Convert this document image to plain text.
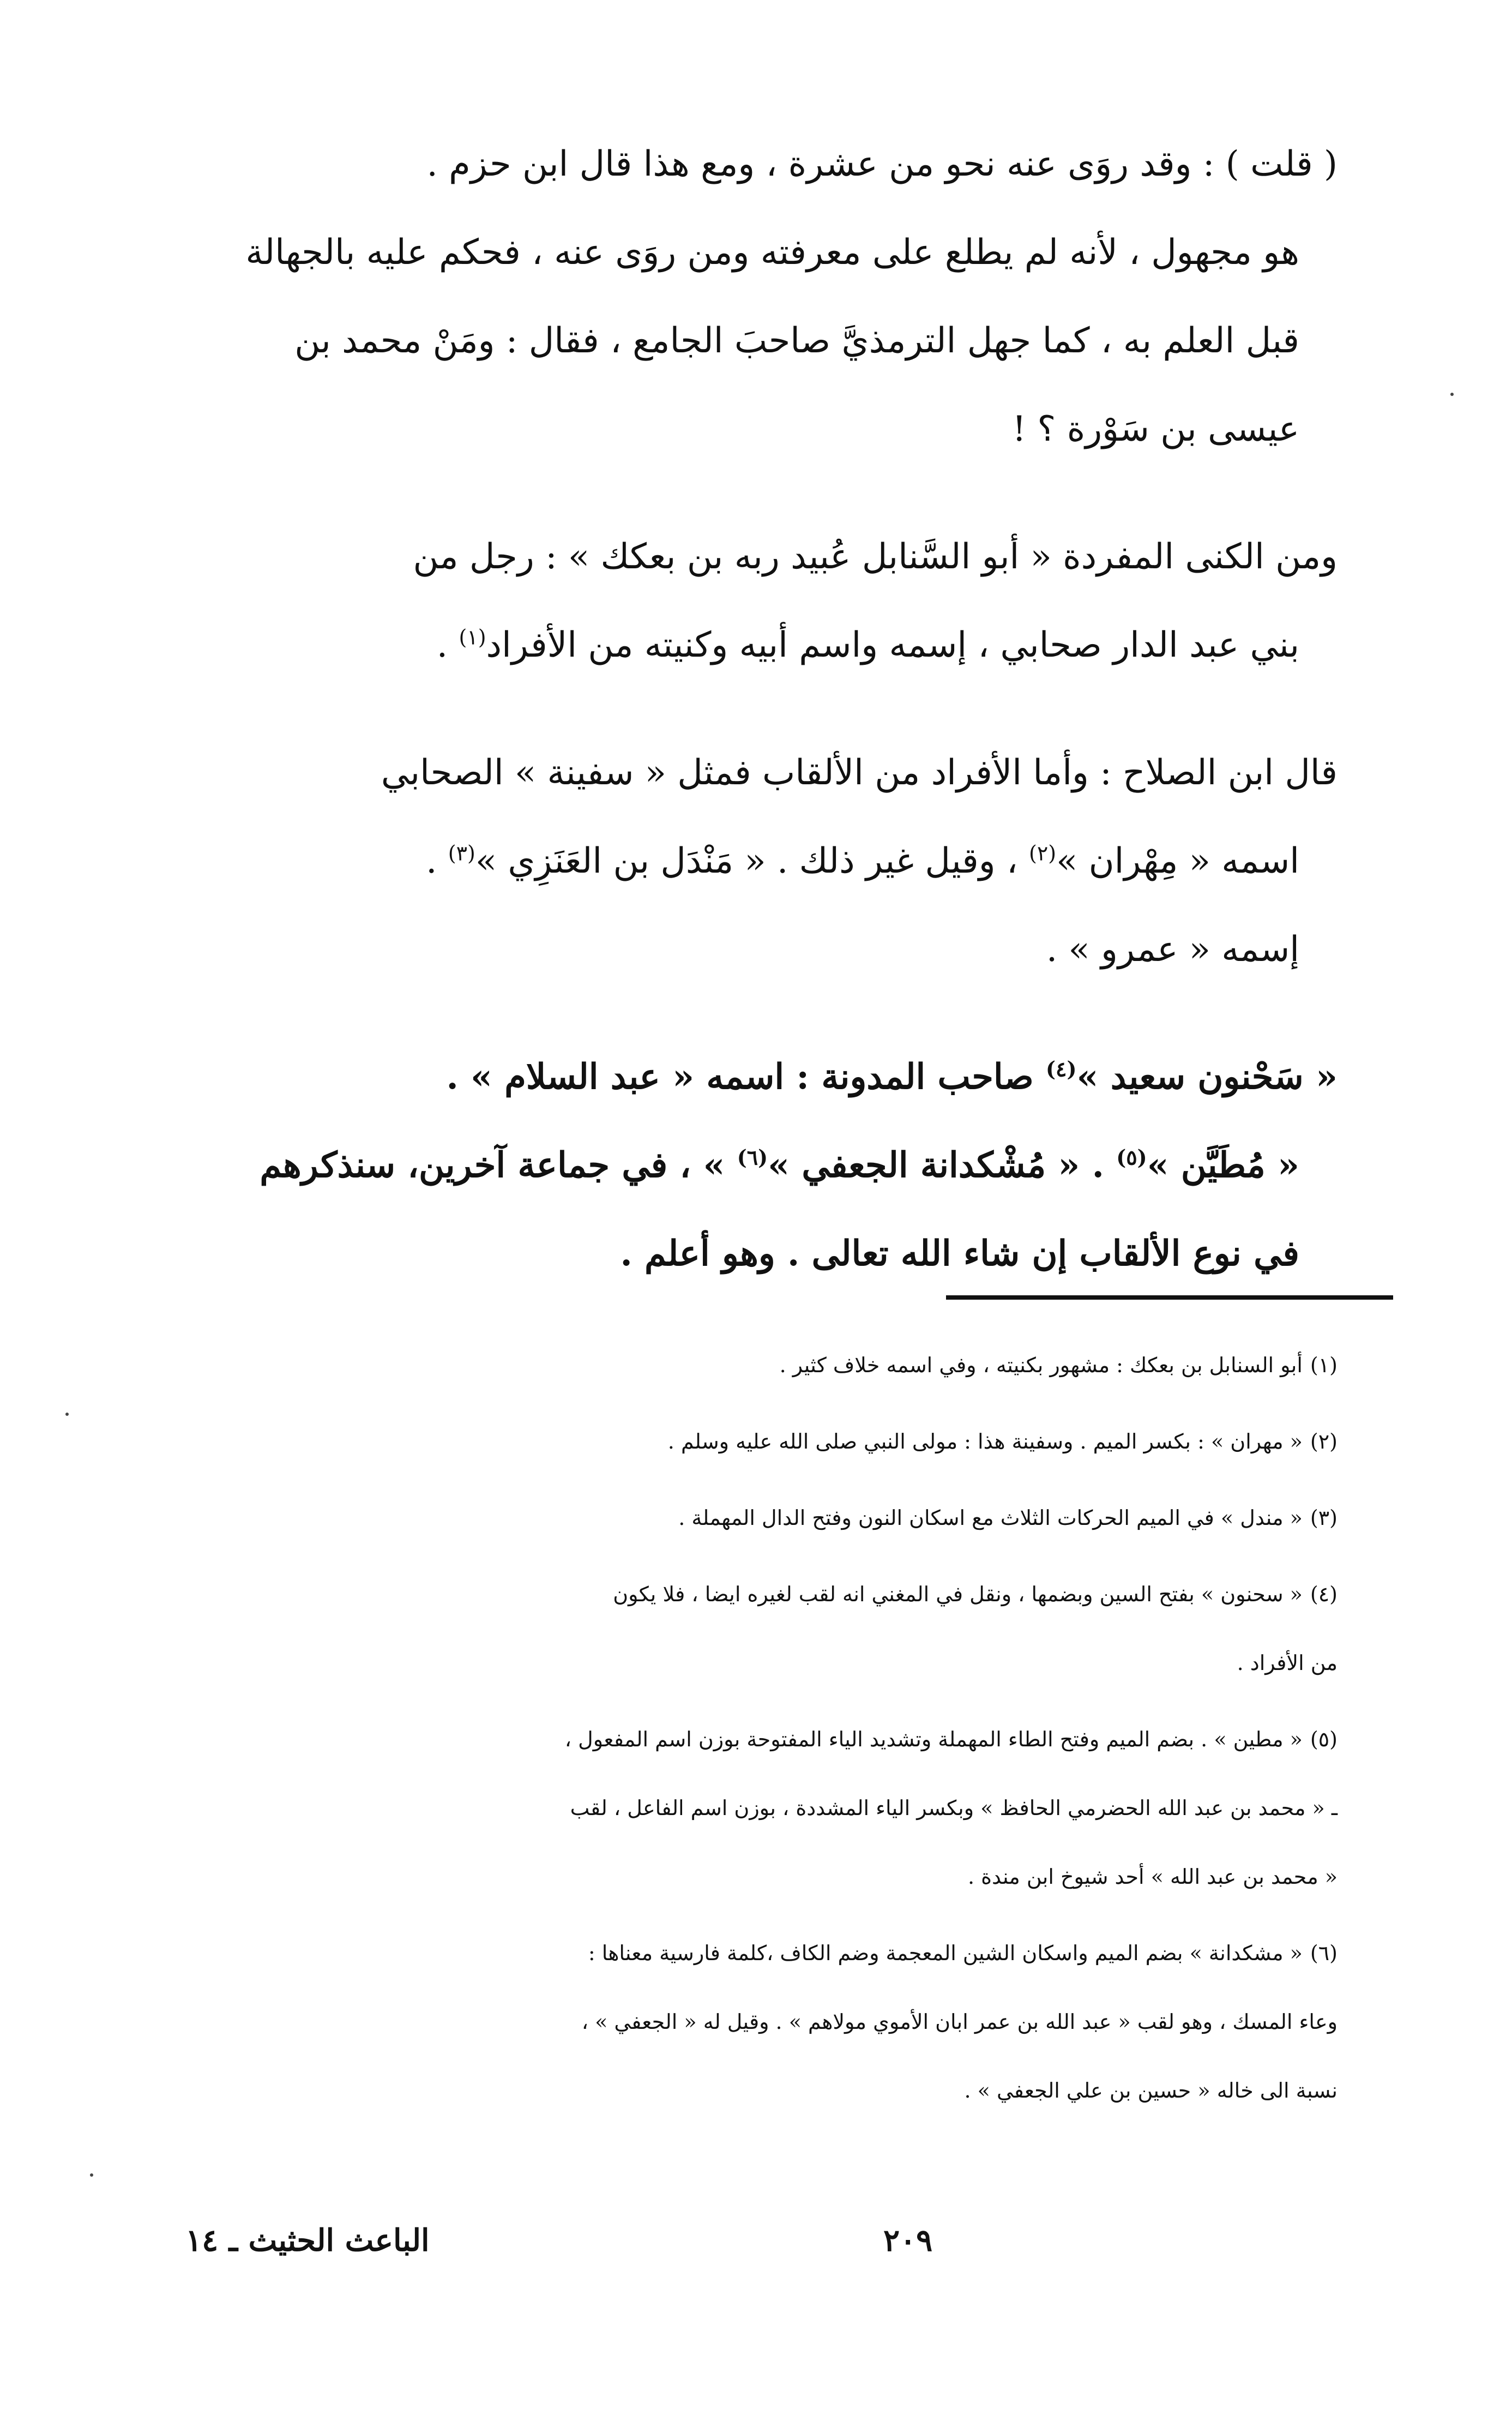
( قلت ) : وقد روَى عنه نحو من عشرة ، ومع هذا قال ابن حزم .
هو مجهول ، لأنه لم يطلع على معرفته ومن روَى عنه ، فحكم عليه بالجهالة
قبل العلم به ، كما جهل الترمذيَّ صاحبَ الجامع ، فقال : ومَنْ محمد بن
عيسى بن سَوْرة ؟ !

ومن الكنى المفردة « أبو السَّنابل عُبيد ربه بن بعكك » : رجل من
بني عبد الدار صحابي ، إسمه واسم أبيه وكنيته من الأفراد$^{(١)}$ .

قال ابن الصلاح : وأما الأفراد من الألقاب فمثل « سفينة » الصحابي
اسمه « مِهْران »$^{(٢)}$ ، وقيل غير ذلك . « مَنْدَل بن العَنَزِي »$^{(٣)}$ .
إسمه « عمرو » .

« سَحْنون سعيد »$^{(٤)}$ صاحب المدونة : اسمه « عبد السلام » .
« مُطَيَّن »$^{(٥)}$ . « مُشْكدانة الجعفي »$^{(٦)}$ » ، في جماعة آخرين، سنذكرهم
في نوع الألقاب إن شاء الله تعالى . وهو أعلم .

(١)أبو السنابل بن بعكك : مشهور بكنيته ، وفي اسمه خلاف كثير .
(٢)« مهران » : بكسر الميم . وسفينة هذا : مولى النبي صلى الله عليه وسلم .
(٣)« مندل » في الميم الحركات الثلاث مع اسكان النون وفتح الدال المهملة .
(٤)« سحنون » بفتح السين وبضمها ، ونقل في المغني انه لقب لغيره ايضا ، فلا يكون
من الأفراد .
(٥)« مطين » . بضم الميم وفتح الطاء المهملة وتشديد الياء المفتوحة بوزن اسم المفعول ،
ـ « محمد بن عبد الله الحضرمي الحافظ » وبكسر الياء المشددة ، بوزن اسم الفاعل ، لقب
« محمد بن عبد الله » أحد شيوخ ابن مندة .
(٦)« مشكدانة » بضم الميم واسكان الشين المعجمة وضم الكاف ،كلمة فارسية معناها :
وعاء المسك ، وهو لقب « عبد الله بن عمر ابان الأموي مولاهم » . وقيل له « الجعفي » ،
نسبة الى خاله « حسين بن علي الجعفي » .
٢٠٩
الباعث الحثيث ـ ١٤
